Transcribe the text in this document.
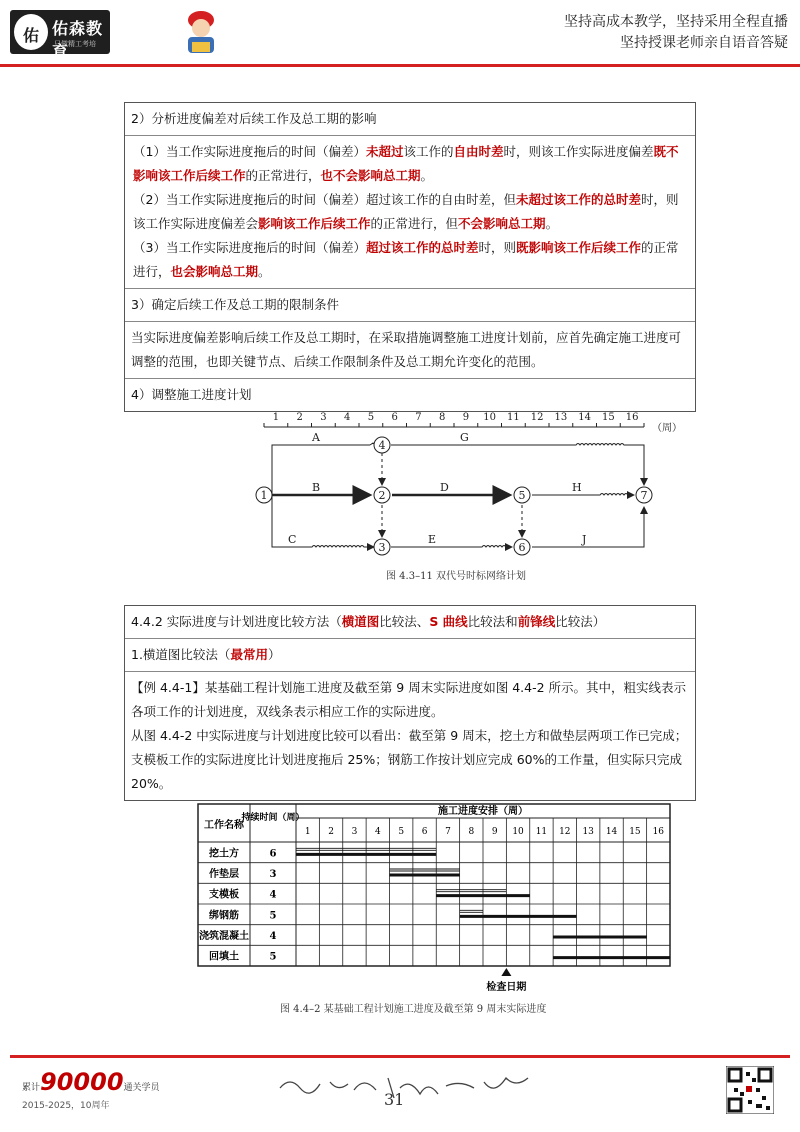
佑 佑森教育
只做精工考培
坚持高成本教学，坚持采用全程直播
坚持授课老师亲自语音答疑
2）分析进度偏差对后续工作及总工期的影响
（1）当工作实际进度拖后的时间（偏差）未超过该工作的自由时差时，则该工作实际进度偏差既不影响该工作后续工作的正常进行，也不会影响总工期。
（2）当工作实际进度拖后的时间（偏差）超过该工作的自由时差，但未超过该工作的总时差时，则该工作实际进度偏差会影响该工作后续工作的正常进行，但不会影响总工期。
（3）当工作实际进度拖后的时间（偏差）超过该工作的总时差时，则既影响该工作后续工作的正常进行，也会影响总工期。
3）确定后续工作及总工期的限制条件
当实际进度偏差影响后续工作及总工期时，在采取措施调整施工进度计划前，应首先确定施工进度可调整的范围，也即关键节点、后续工作限制条件及总工期允许变化的范围。
4）调整施工进度计划
1 2 3 4 5 6 7 8 9 10 11 12 13 14 15 16
（周）
A
B
C
D
E
G
H
J
1	2
3
4
5
6
7
图 4.3–11 双代号时标网络计划
4.4.2 实际进度与计划进度比较方法（横道图比较法、S 曲线比较法和前锋线比较法）
1.横道图比较法（最常用）
【例 4.4-1】某基础工程计划施工进度及截至第 9 周末实际进度如图 4.4-2 所示。其中，粗实线表示各项工作的计划进度，双线条表示相应工作的实际进度。
从图 4.4-2 中实际进度与计划进度比较可以看出：截至第 9 周末，挖土方和做垫层两项工作已完成；支模板工作的实际进度比计划进度拖后 25%；钢筋工作按计划应完成 60%的工作量，但实际只完成 20%。
工作名称
持续时间（周）
施工进度安排（周）
1 2 3 4 5 6 7 8 9 10 11 12 13 14 15 16
挖土方	6
作垫层	3
支模板	4
绑钢筋	5
浇筑混凝土 4
回填土	5
检查日期
图 4.4–2 某基础工程计划施工进度及截至第 9 周末实际进度
累计90000通关学员
2015-2025，10周年	31
